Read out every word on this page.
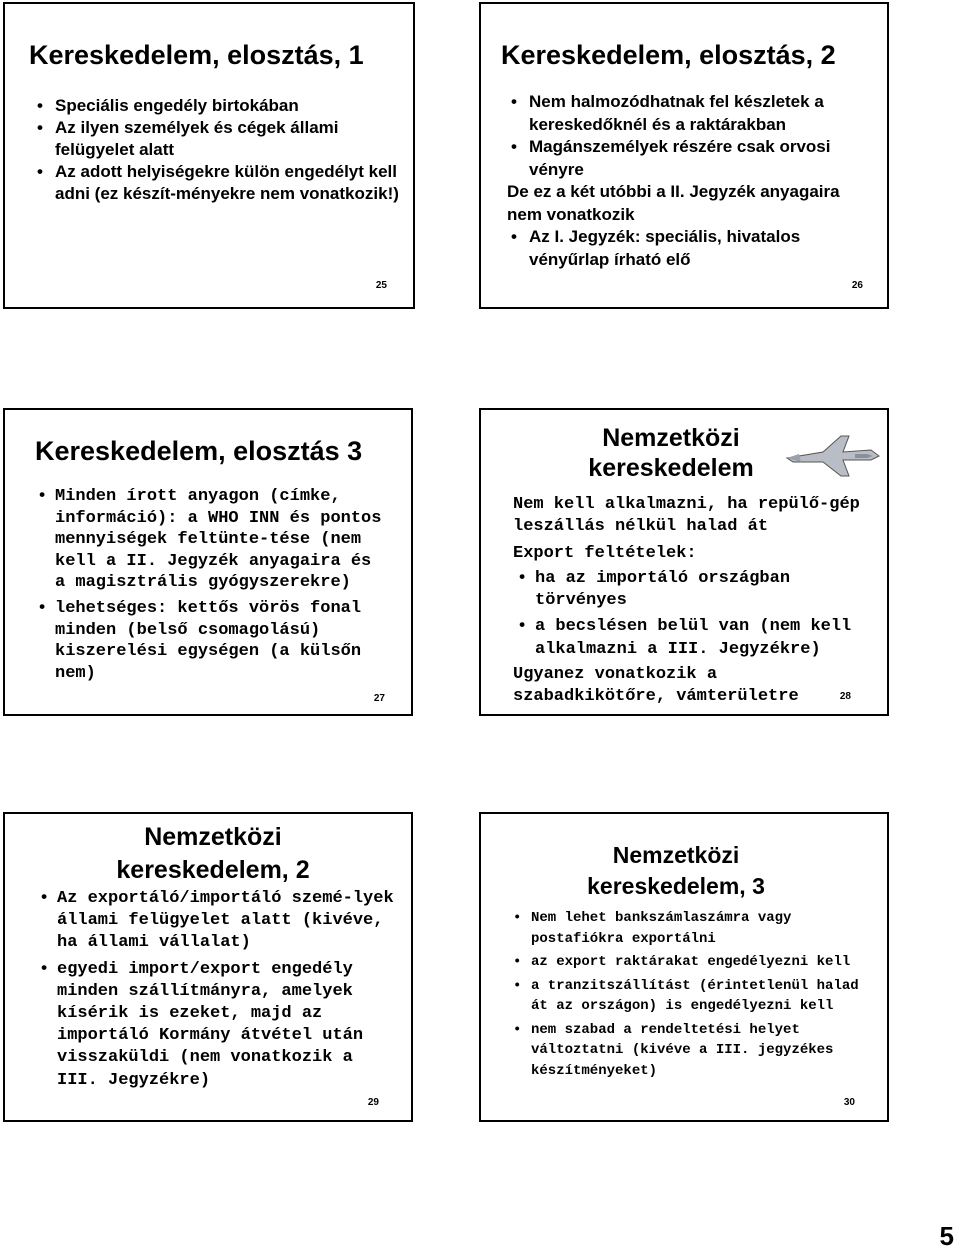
Kereskedelem, elosztás, 1
• Speciális engedély birtokában
• Az ilyen személyek és cégek állami felügyelet alatt
• Az adott helyiségekre külön engedélyt kell adni (ez készít-ményekre nem vonatkozik!)
25
Kereskedelem, elosztás, 2
• Nem halmozódhatnak fel készletek a kereskedőknél és a raktárakban
• Magánszemélyek részére csak orvosi vényre
De ez a két utóbbi a II. Jegyzék anyagaira nem vonatkozik
• Az I. Jegyzék: speciális, hivatalos vényűrlap írható elő
26
Kereskedelem, elosztás 3
• Minden írott anyagon (címke, információ): a WHO INN és pontos mennyiségek feltünte-tése (nem kell a II. Jegyzék anyagaira és a magisztrális gyógyszerekre)
• lehetséges: kettős vörös fonal minden (belső csomagolású) kiszerelési egységen (a külsőn nem)
27
Nemzetközi
kereskedelem
Nem kell alkalmazni, ha repülő-gép leszállás nélkül halad át
Export feltételek:
• ha az importáló országban törvényes
• a becslésen belül van (nem kell alkalmazni a III. Jegyzékre)
Ugyanez vonatkozik a szabadkikötőre, vámterületre	28
Nemzetközi
kereskedelem, 2
• Az exportáló/importáló szemé-lyek állami felügyelet alatt (kivéve, ha állami vállalat)
• egyedi import/export engedély minden szállítmányra, amelyek kísérik is ezeket, majd az importáló Kormány átvétel után visszaküldi (nem vonatkozik a III. Jegyzékre)
29
Nemzetközi
kereskedelem, 3
• Nem lehet bankszámlaszámra vagy postafiókra exportálni
• az export raktárakat engedélyezni kell
• a tranzitszállítást (érintetlenül halad át az országon) is engedélyezni kell
• nem szabad a rendeltetési helyet változtatni (kivéve a III. jegyzékes készítményeket)
30
5
